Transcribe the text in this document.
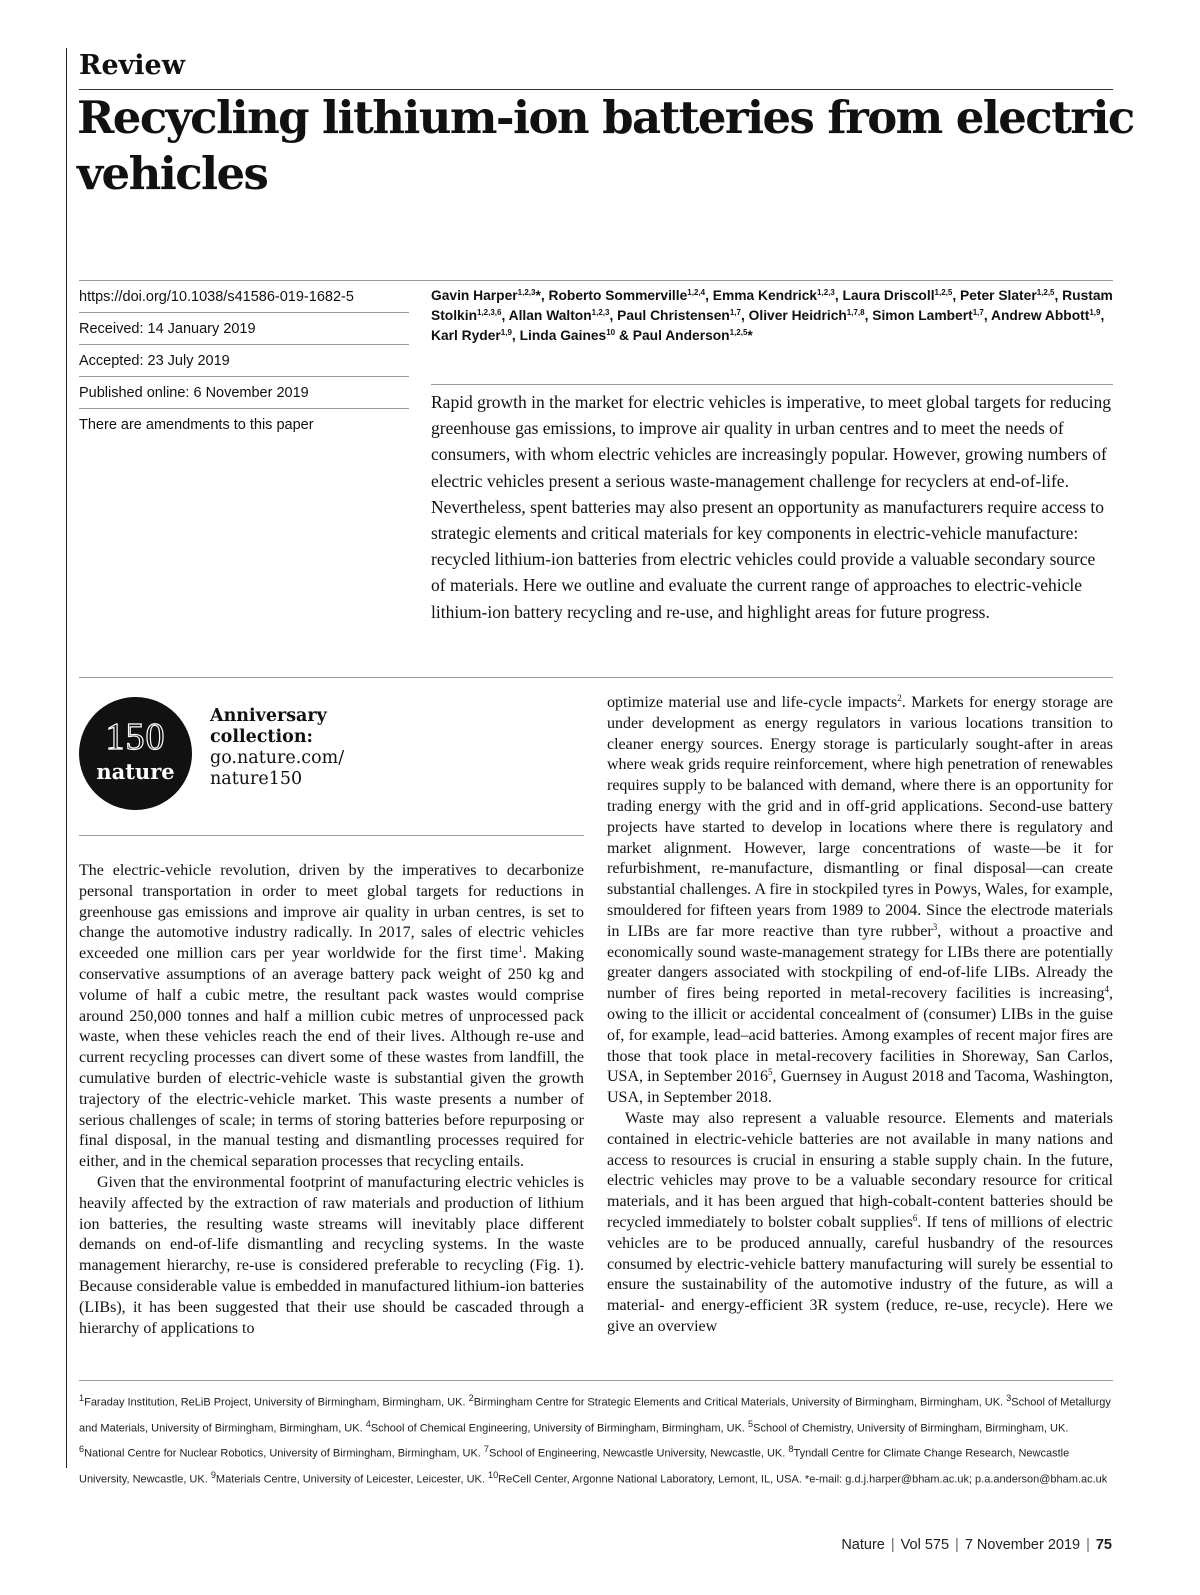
Review
Recycling lithium-ion batteries from electric vehicles
https://doi.org/10.1038/s41586-019-1682-5
Received: 14 January 2019
Accepted: 23 July 2019
Published online: 6 November 2019
There are amendments to this paper
Gavin Harper$^{1,2,3}$*, Roberto Sommerville$^{1,2,4}$, Emma Kendrick$^{1,2,3}$, Laura Driscoll$^{1,2,5}$, Peter Slater$^{1,2,5}$, Rustam Stolkin$^{1,2,3,6}$, Allan Walton$^{1,2,3}$, Paul Christensen$^{1,7}$, Oliver Heidrich$^{1,7,8}$, Simon Lambert$^{1,7}$, Andrew Abbott$^{1,9}$, Karl Ryder$^{1,9}$, Linda Gaines$^{10}$ & Paul Anderson$^{1,2,5}$*

Rapid growth in the market for electric vehicles is imperative, to meet global targets for reducing greenhouse gas emissions, to improve air quality in urban centres and to meet the needs of consumers, with whom electric vehicles are increasingly popular. However, growing numbers of electric vehicles present a serious waste-management challenge for recyclers at end-of-life. Nevertheless, spent batteries may also present an opportunity as manufacturers require access to strategic elements and critical materials for key components in electric-vehicle manufacture: recycled lithium-ion batteries from electric vehicles could provide a valuable secondary source of materials. Here we outline and evaluate the current range of approaches to electric-vehicle lithium-ion battery recycling and re-use, and highlight areas for future progress.

150
nature
Anniversary collection:
go.nature.com/
nature150

The electric-vehicle revolution, driven by the imperatives to decarbonize personal transportation in order to meet global targets for reductions in greenhouse gas emissions and improve air quality in urban centres, is set to change the automotive industry radically. In 2017, sales of electric vehicles exceeded one million cars per year worldwide for the first time$^1$. Making conservative assumptions of an average battery pack weight of 250 kg and volume of half a cubic metre, the resultant pack wastes would comprise around 250,000 tonnes and half a million cubic metres of unprocessed pack waste, when these vehicles reach the end of their lives. Although re-use and current recycling processes can divert some of these wastes from landfill, the cumulative burden of electric-vehicle waste is substantial given the growth trajectory of the electric-vehicle market. This waste presents a number of serious challenges of scale; in terms of storing batteries before repurposing or final disposal, in the manual testing and dismantling processes required for either, and in the chemical separation processes that recycling entails.

Given that the environmental footprint of manufacturing electric vehicles is heavily affected by the extraction of raw materials and production of lithium ion batteries, the resulting waste streams will inevitably place different demands on end-of-life dismantling and recycling systems. In the waste management hierarchy, re-use is considered preferable to recycling (Fig. 1). Because considerable value is embedded in manufactured lithium-ion batteries (LIBs), it has been suggested that their use should be cascaded through a hierarchy of applications to

optimize material use and life-cycle impacts$^2$. Markets for energy storage are under development as energy regulators in various locations transition to cleaner energy sources. Energy storage is particularly sought-after in areas where weak grids require reinforcement, where high penetration of renewables requires supply to be balanced with demand, where there is an opportunity for trading energy with the grid and in off-grid applications. Second-use battery projects have started to develop in locations where there is regulatory and market alignment. However, large concentrations of waste—be it for refurbishment, re-manufacture, dismantling or final disposal—can create substantial challenges. A fire in stockpiled tyres in Powys, Wales, for example, smouldered for fifteen years from 1989 to 2004. Since the electrode materials in LIBs are far more reactive than tyre rubber$^3$, without a proactive and economically sound waste-management strategy for LIBs there are potentially greater dangers associated with stockpiling of end-of-life LIBs. Already the number of fires being reported in metal-recovery facilities is increasing$^4$, owing to the illicit or accidental concealment of (consumer) LIBs in the guise of, for example, lead–acid batteries. Among examples of recent major fires are those that took place in metal-recovery facilities in Shoreway, San Carlos, USA, in September 2016$^5$, Guernsey in August 2018 and Tacoma, Washington, USA, in September 2018.

Waste may also represent a valuable resource. Elements and materials contained in electric-vehicle batteries are not available in many nations and access to resources is crucial in ensuring a stable supply chain. In the future, electric vehicles may prove to be a valuable secondary resource for critical materials, and it has been argued that high-cobalt-content batteries should be recycled immediately to bolster cobalt supplies$^6$. If tens of millions of electric vehicles are to be produced annually, careful husbandry of the resources consumed by electric-vehicle battery manufacturing will surely be essential to ensure the sustainability of the automotive industry of the future, as will a material- and energy-efficient 3R system (reduce, re-use, recycle). Here we give an overview

$^1$Faraday Institution, ReLiB Project, University of Birmingham, Birmingham, UK. $^2$Birmingham Centre for Strategic Elements and Critical Materials, University of Birmingham, Birmingham, UK. $^3$School of Metallurgy and Materials, University of Birmingham, Birmingham, UK. $^4$School of Chemical Engineering, University of Birmingham, Birmingham, UK. $^5$School of Chemistry, University of Birmingham, Birmingham, UK. $^6$National Centre for Nuclear Robotics, University of Birmingham, Birmingham, UK. $^7$School of Engineering, Newcastle University, Newcastle, UK. $^8$Tyndall Centre for Climate Change Research, Newcastle University, Newcastle, UK. $^9$Materials Centre, University of Leicester, Leicester, UK. $^{10}$ReCell Center, Argonne National Laboratory, Lemont, IL, USA. *e-mail: g.d.j.harper@bham.ac.uk; p.a.anderson@bham.ac.uk

Nature | Vol 575 | 7 November 2019 | 75
